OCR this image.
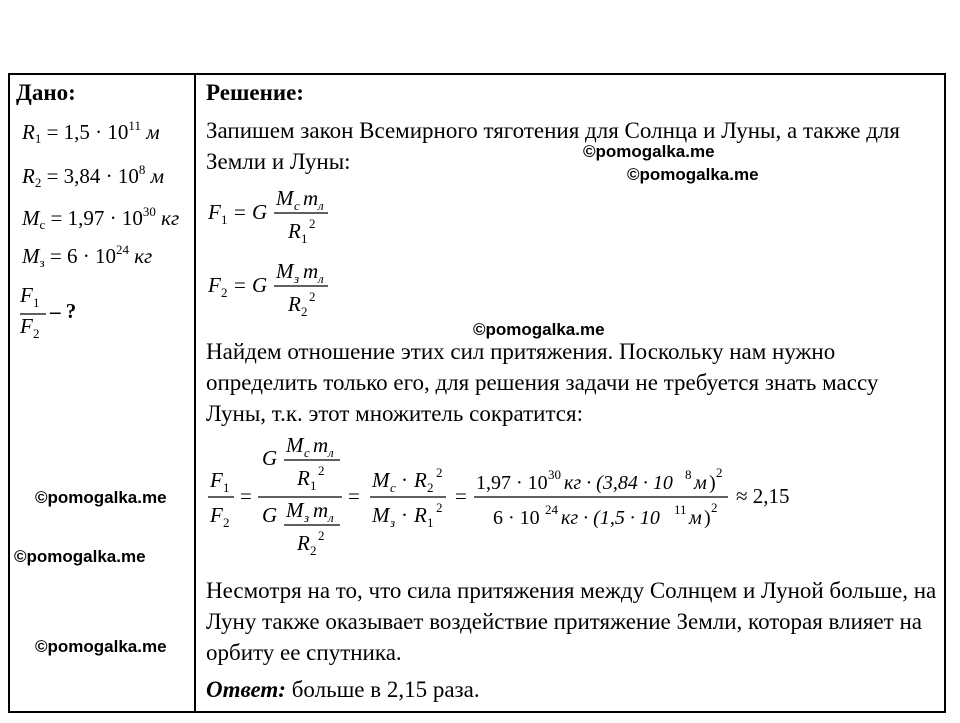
Дано:
$R_1 = 1,5 \cdot 10^{11}$ м
$R_2 = 3,84 \cdot 10^8$ м
$M_с = 1,97 \cdot 10^{30}$ кг
$M_з = 6 \cdot 10^{24}$ кг
F 1
F 2
– ?
Решение:
Запишем закон Всемирного тяготения для Солнца и Луны, а также для Земли и Луны:
F 1 = G
M с m л
R 1
2
F 2 = G
M з m л
R 2
2
Найдем отношение этих сил притяжения. Поскольку нам нужно определить только его, для решения задачи не требуется знать массу Луны, т.к. этот множитель сократится:
F 1
F 2
=
G
M с m л
R 1
2
G M з m л
R 2
2
=
M с · R 2
2
M з · R 1
2 =
1,97 · 10 30 кг · (3,84 · 10 8 м ) 2
6 · 10 24 кг · (1,5 · 10 11 м ) 2 ≈ 2,15
Несмотря на то, что сила притяжения между Солнцем и Луной больше, на Луну также оказывает воздействие притяжение Земли, которая влияет на орбиту ее спутника.
Ответ: больше в 2,15 раза.
©pomogalka.me
©pomogalka.me
©pomogalka.me
©pomogalka.me
©pomogalka.me
©pomogalka.me
